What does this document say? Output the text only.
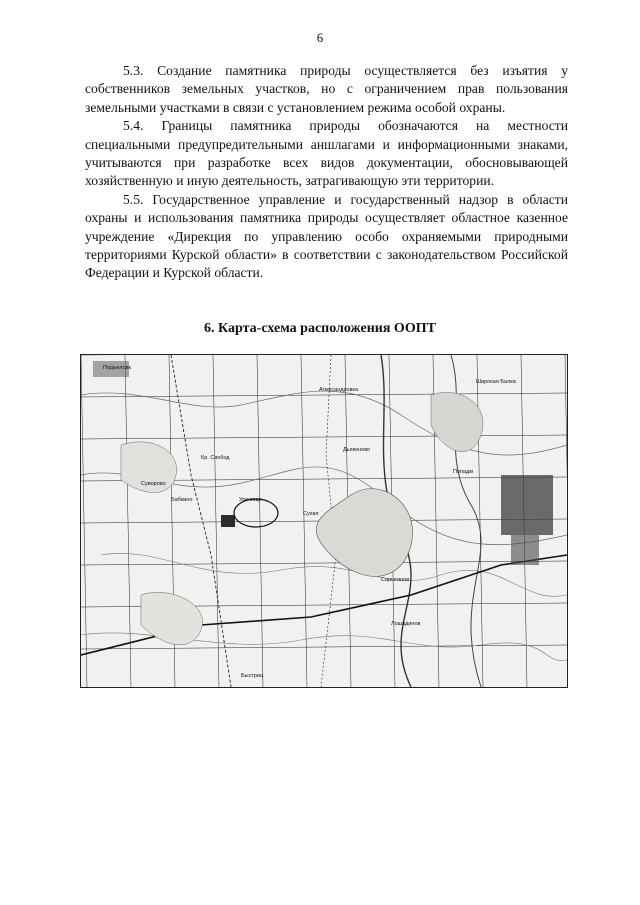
6

5.3. Создание памятника природы осуществляется без изъятия у собственников земельных участков, но с ограничением прав пользования земельными участками в связи с установлением режима особой охраны.

5.4. Границы памятника природы обозначаются на местности специальными предупредительными аншлагами и информационными знаками, учитываются при разработке всех видов документации, обосновывающей хозяйственную и иную деятельность, затрагивающую эти территории.

5.5. Государственное управление и государственный надзор в области охраны и использования памятника природы осуществляет областное казенное учреждение «Дирекция по управлению особо охраняемыми природными территориями Курской области» в соответствии с законодательством Российской Федерации и Курской области.

6. Карта-схема расположения ООПТ
Подъеловк
Александровка
Широкая Балка
Кр. Свобод
Дьяконово
Сухая
Попадм
Урочище
Бабкино
Суворово
Сарыгинов
Лошадинов
Быстриц
